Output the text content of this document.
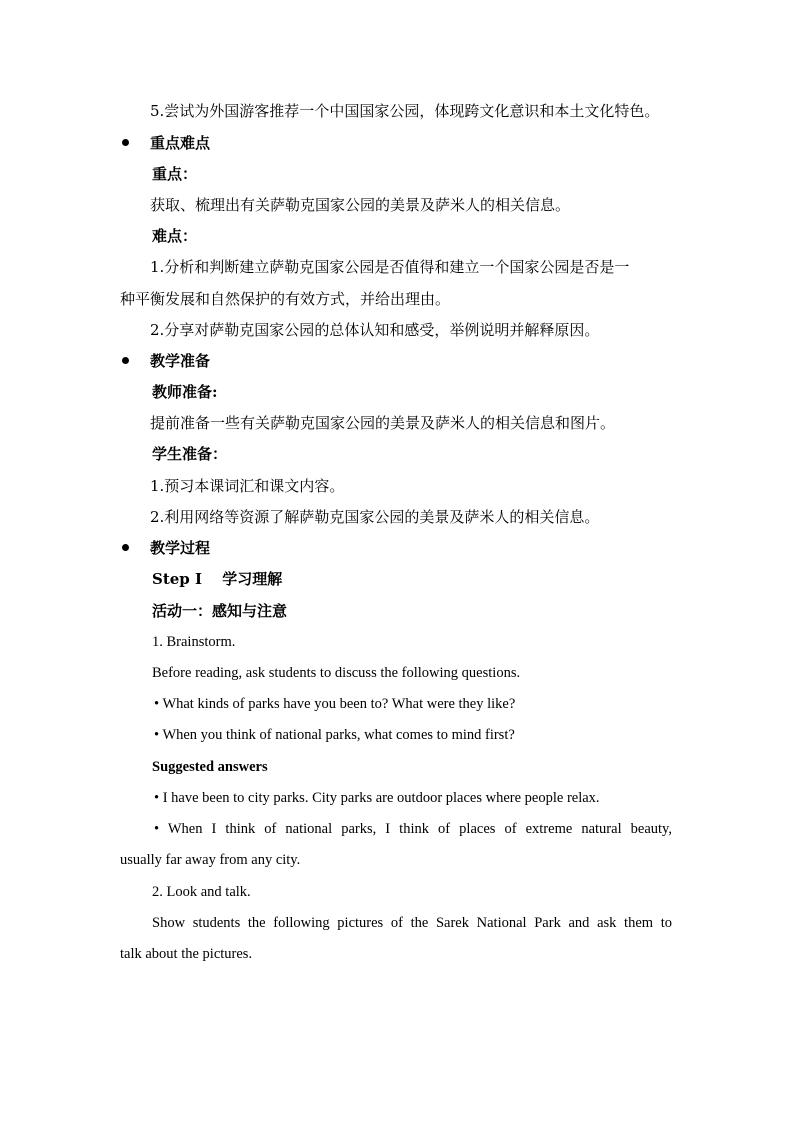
5.尝试为外国游客推荐一个中国国家公园，体现跨文化意识和本土文化特色。
重点难点
重点：
获取、梳理出有关萨勒克国家公园的美景及萨米人的相关信息。
难点：
1.分析和判断建立萨勒克国家公园是否值得和建立一个国家公园是否是一
种平衡发展和自然保护的有效方式，并给出理由。
2.分享对萨勒克国家公园的总体认知和感受，举例说明并解释原因。
教学准备
教师准备:
提前准备一些有关萨勒克国家公园的美景及萨米人的相关信息和图片。
学生准备：
1.预习本课词汇和课文内容。
2.利用网络等资源了解萨勒克国家公园的美景及萨米人的相关信息。
教学过程
Step Ⅰ　 学习理解
活动一：感知与注意
1. Brainstorm.
Before reading, ask students to discuss the following questions.
• What kinds of parks have you been to? What were they like?
• When you think of national parks, what comes to mind first?
Suggested answers
• I have been to city parks. City parks are outdoor places where people relax.
• When I think of national parks, I think of places of extreme natural beauty,
usually far away from any city.
2. Look and talk.
Show students the following pictures of the Sarek National Park and ask them to
talk about the pictures.
